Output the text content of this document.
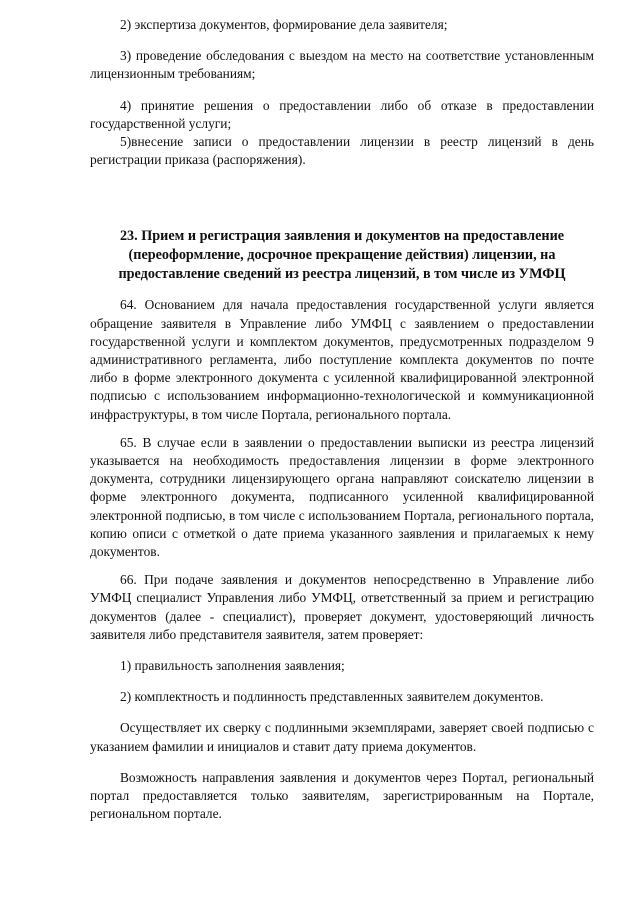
2) экспертиза документов, формирование дела заявителя;

3) проведение обследования с выездом на место на соответствие установленным лицензионным требованиям;

4) принятие решения о предоставлении либо об отказе в предоставлении государственной услуги;

5)внесение записи о предоставлении лицензии в реестр лицензий в день регистрации приказа (распоряжения).

23. Прием и регистрация заявления и документов на предоставление (переоформление, досрочное прекращение действия) лицензии, на предоставление сведений из реестра лицензий, в том числе из УМФЦ

64. Основанием для начала предоставления государственной услуги является обращение заявителя в Управление либо УМФЦ с заявлением о предоставлении государственной услуги и комплектом документов, предусмотренных подразделом 9 административного регламента, либо поступление комплекта документов по почте либо в форме электронного документа с усиленной квалифицированной электронной подписью с использованием информационно-технологической и коммуникационной инфраструктуры, в том числе Портала, регионального портала.

65. В случае если в заявлении о предоставлении выписки из реестра лицензий указывается на необходимость предоставления лицензии в форме электронного документа, сотрудники лицензирующего органа направляют соискателю лицензии в форме электронного документа, подписанного усиленной квалифицированной электронной подписью, в том числе с использованием Портала, регионального портала, копию описи с отметкой о дате приема указанного заявления и прилагаемых к нему документов.

66. При подаче заявления и документов непосредственно в Управление либо УМФЦ специалист Управления либо УМФЦ, ответственный за прием и регистрацию документов (далее - специалист), проверяет документ, удостоверяющий личность заявителя либо представителя заявителя, затем проверяет:

1) правильность заполнения заявления;

2) комплектность и подлинность представленных заявителем документов.

Осуществляет их сверку с подлинными экземплярами, заверяет своей подписью с указанием фамилии и инициалов и ставит дату приема документов.

Возможность направления заявления и документов через Портал, региональный портал предоставляется только заявителям, зарегистрированным на Портале, региональном портале.
